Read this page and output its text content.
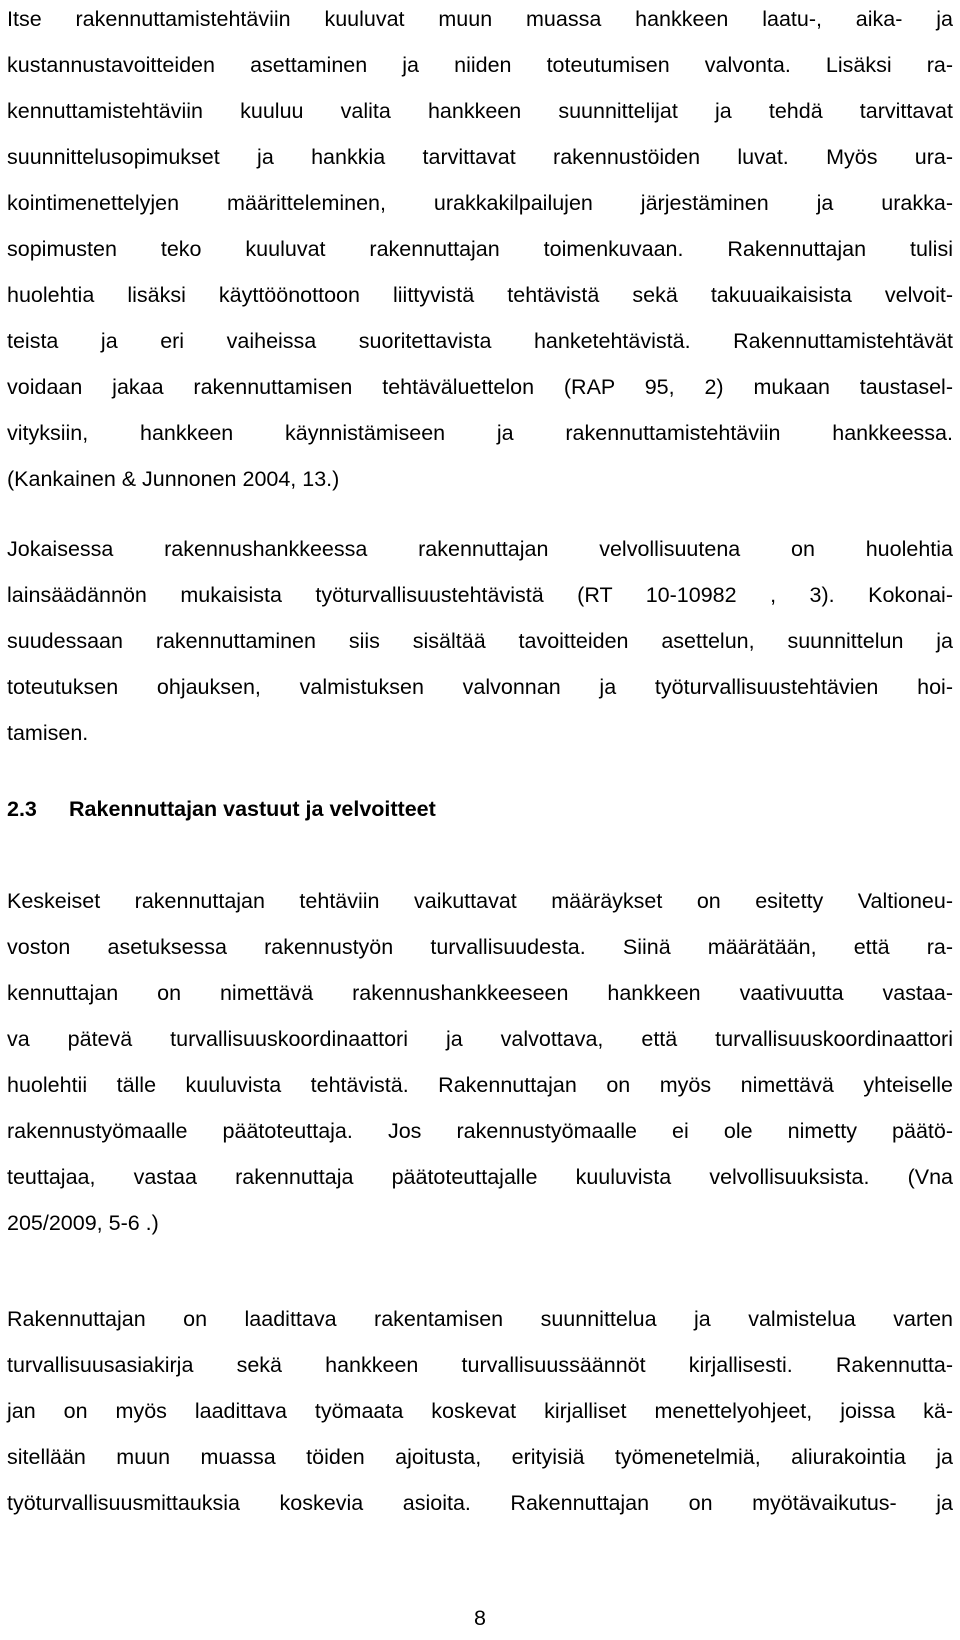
Itse rakennuttamistehtäviin kuuluvat muun muassa hankkeen laatu-, aika- ja
kustannustavoitteiden asettaminen ja niiden toteutumisen valvonta. Lisäksi ra-
kennuttamistehtäviin kuuluu valita hankkeen suunnittelijat ja tehdä tarvittavat
suunnittelusopimukset ja hankkia tarvittavat rakennustöiden luvat. Myös ura-
kointimenettelyjen määritteleminen, urakkakilpailujen järjestäminen ja urakka-
sopimusten teko kuuluvat rakennuttajan toimenkuvaan. Rakennuttajan tulisi
huolehtia lisäksi käyttöönottoon liittyvistä tehtävistä sekä takuuaikaisista velvoit-
teista ja eri vaiheissa suoritettavista hanketehtävistä. Rakennuttamistehtävät
voidaan jakaa rakennuttamisen tehtäväluettelon (RAP 95, 2) mukaan taustasel-
vityksiin, hankkeen käynnistämiseen ja rakennuttamistehtäviin hankkeessa.
(Kankainen & Junnonen 2004, 13.)
Jokaisessa rakennushankkeessa rakennuttajan velvollisuutena on huolehtia
lainsäädännön mukaisista työturvallisuustehtävistä (RT 10-10982 , 3). Kokonai-
suudessaan rakennuttaminen siis sisältää tavoitteiden asettelun, suunnittelun ja
toteutuksen ohjauksen, valmistuksen valvonnan ja työturvallisuustehtävien hoi-
tamisen.
2.3 Rakennuttajan vastuut ja velvoitteet
Keskeiset rakennuttajan tehtäviin vaikuttavat määräykset on esitetty Valtioneu-
voston asetuksessa rakennustyön turvallisuudesta. Siinä määrätään, että ra-
kennuttajan on nimettävä rakennushankkeeseen hankkeen vaativuutta vastaa-
va pätevä turvallisuuskoordinaattori ja valvottava, että turvallisuuskoordinaattori
huolehtii tälle kuuluvista tehtävistä. Rakennuttajan on myös nimettävä yhteiselle
rakennustyömaalle päätoteuttaja. Jos rakennustyömaalle ei ole nimetty päätö-
teuttajaa, vastaa rakennuttaja päätoteuttajalle kuuluvista velvollisuuksista. (Vna
205/2009, 5-6 .)
Rakennuttajan on laadittava rakentamisen suunnittelua ja valmistelua varten
turvallisuusasiakirja sekä hankkeen turvallisuussäännöt kirjallisesti. Rakennutta-
jan on myös laadittava työmaata koskevat kirjalliset menettelyohjeet, joissa kä-
sitellään muun muassa töiden ajoitusta, erityisiä työmenetelmiä, aliurakointia ja
työturvallisuusmittauksia koskevia asioita. Rakennuttajan on myötävaikutus- ja
8
